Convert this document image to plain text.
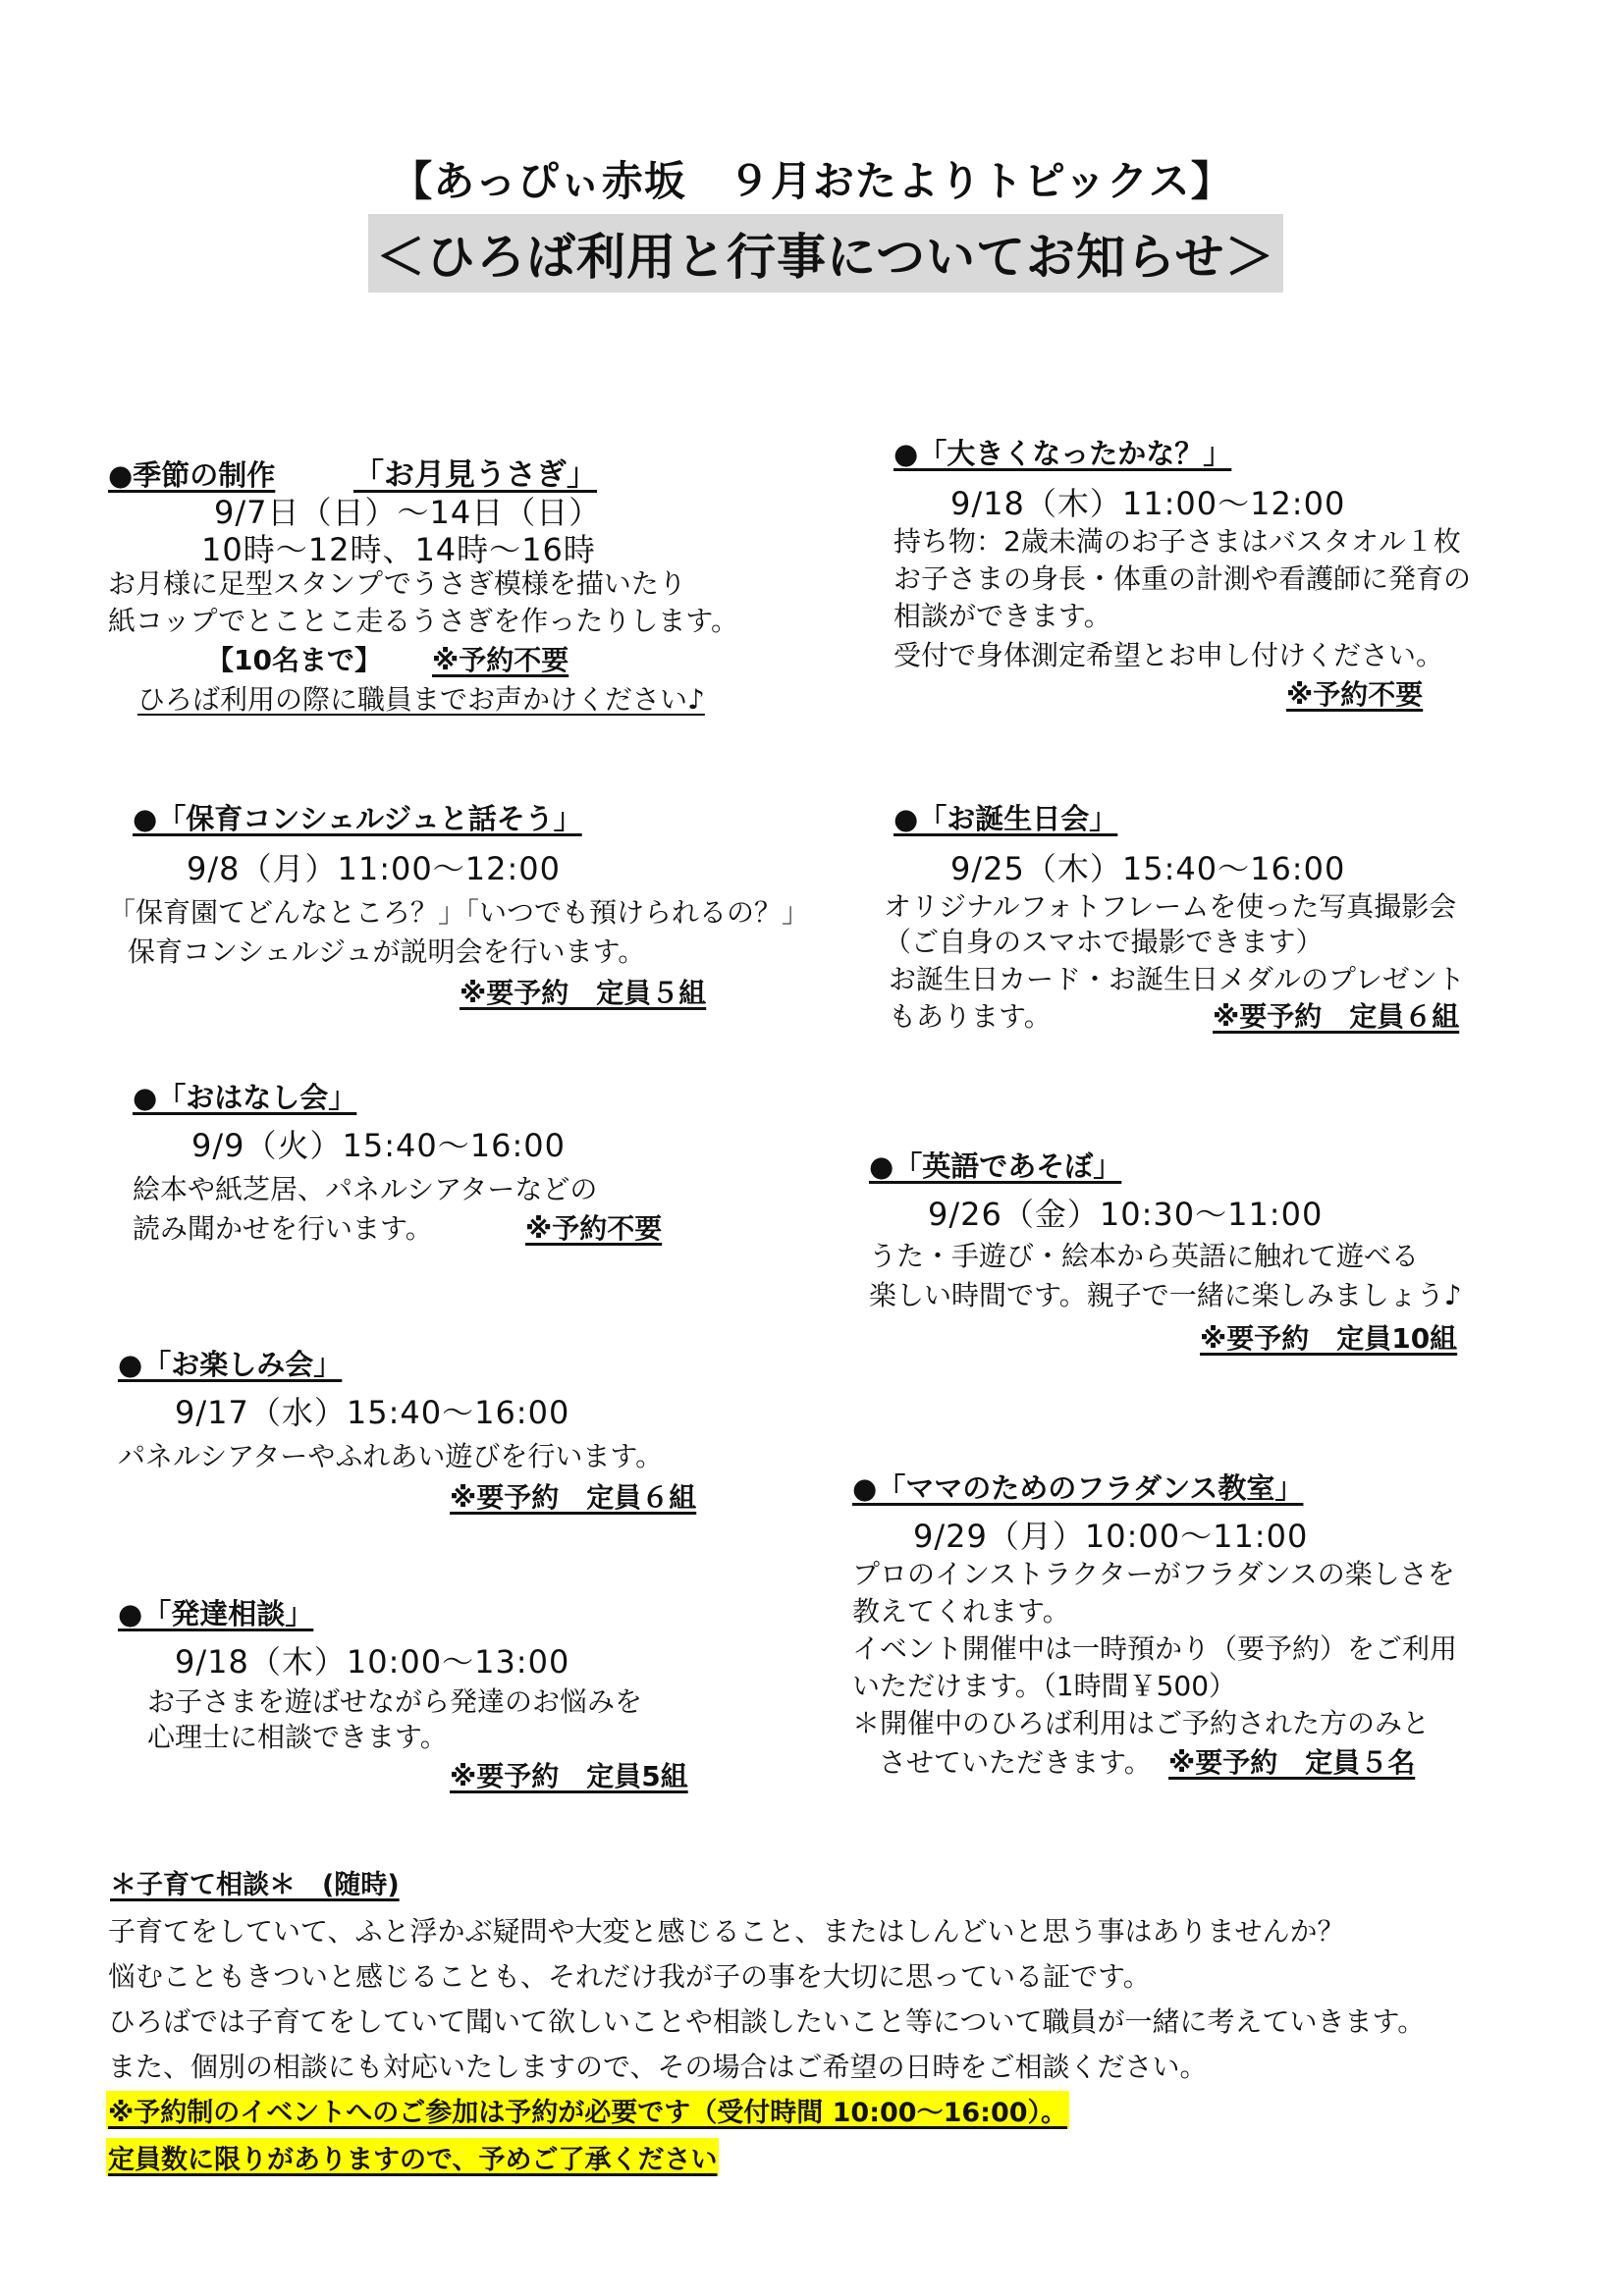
【あっぴぃ赤坂　９月おたよりトピックス】
＜ひろば利用と行事についてお知らせ＞
●季節の制作	「お月見うさぎ」
9/7日（日）～14日（日）
10時～12時、14時～16時
お月様に足型スタンプでうさぎ模様を描いたり
紙コップでとことこ走るうさぎを作ったりします。
【10名まで】 ※予約不要
ひろば利用の際に職員までお声かけください♪
●「保育コンシェルジュと話そう」
9/8（月）11:00～12:00
「保育園てどんなところ？」「いつでも預けられるの？」
保育コンシェルジュが説明会を行います。
※要予約　定員５組
●「おはなし会」
9/9（火）15:40～16:00
絵本や紙芝居、パネルシアターなどの
読み聞かせを行います。	※予約不要
●「お楽しみ会」
9/17（水）15:40～16:00
パネルシアターやふれあい遊びを行います。
※要予約　定員６組
●「発達相談」
9/18（木）10:00～13:00
お子さまを遊ばせながら発達のお悩みを
心理士に相談できます。
※要予約　定員5組
●「大きくなったかな？」
9/18（木）11:00～12:00
持ち物：2歳未満のお子さまはバスタオル１枚
お子さまの身長・体重の計測や看護師に発育の
相談ができます。
受付で身体測定希望とお申し付けください。
※予約不要
●「お誕生日会」
9/25（木）15:40～16:00
オリジナルフォトフレームを使った写真撮影会
（ご自身のスマホで撮影できます）
お誕生日カード・お誕生日メダルのプレゼント
もあります。	※要予約　定員６組
●「英語であそぼ」
9/26（金）10:30～11:00
うた・手遊び・絵本から英語に触れて遊べる
楽しい時間です。親子で一緒に楽しみましょう♪
※要予約　定員10組
●「ママのためのフラダンス教室」
9/29（月）10:00～11:00
プロのインストラクターがフラダンスの楽しさを
教えてくれます。
イベント開催中は一時預かり（要予約）をご利用
いただけます。（1時間￥500）
＊開催中のひろば利用はご予約された方のみと
させていただきます。 ※要予約　定員５名
＊子育て相談＊　(随時)
子育てをしていて、ふと浮かぶ疑問や大変と感じること、またはしんどいと思う事はありませんか？
悩むこともきついと感じることも、それだけ我が子の事を大切に思っている証です。
ひろばでは子育てをしていて聞いて欲しいことや相談したいこと等について職員が一緒に考えていきます。
また、個別の相談にも対応いたしますので、その場合はご希望の日時をご相談ください。
※予約制のイベントへのご参加は予約が必要です（受付時間 10:00～16:00）。
定員数に限りがありますので、予めご了承ください
